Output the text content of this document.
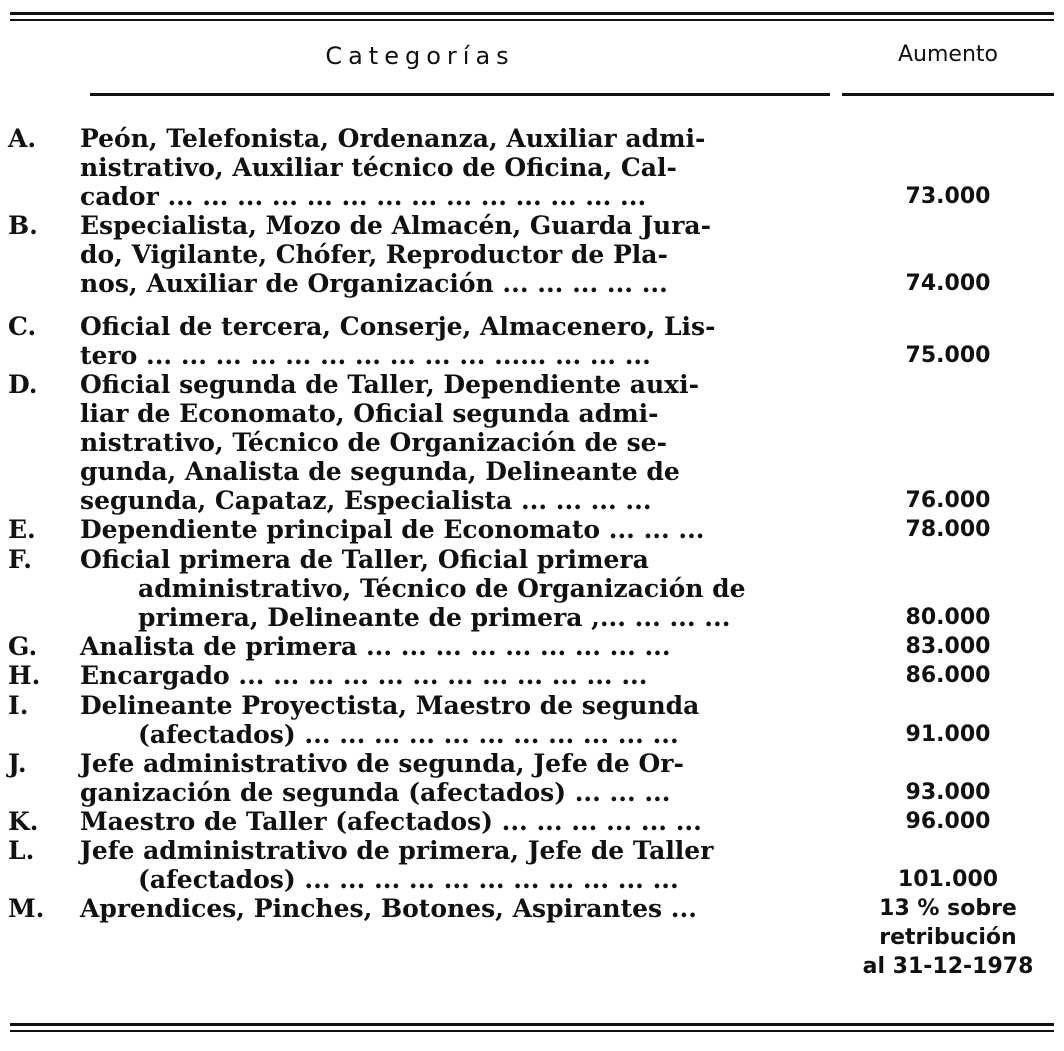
Categorías	Aumento
A.	Peón, Telefonista, Ordenanza, Auxiliar admi-
nistrativo, Auxiliar técnico de Oficina, Cal-
cador ... ... ... ... ... ... ... ... ... ... ... ... ... ...	73.000
B.	Especialista, Mozo de Almacén, Guarda Jura-
do, Vigilante, Chófer, Reproductor de Pla-
nos, Auxiliar de Organización ... ... ... ... ...	74.000
C.	Oficial de tercera, Conserje, Almacenero, Lis-
tero ... ... ... ... ... ... ... ... ... ... ...... ... ... ...	75.000
D.	Oficial segunda de Taller, Dependiente auxi-
liar de Economato, Oficial segunda admi-
nistrativo, Técnico de Organización de se-
gunda, Analista de segunda, Delineante de
segunda, Capataz, Especialista ... ... ... ...	76.000
E.	Dependiente principal de Economato ... ... ...	78.000
F.	Oficial primera de Taller, Oficial primera
administrativo, Técnico de Organización de
primera, Delineante de primera ,... ... ... ...	80.000
G.	Analista de primera ... ... ... ... ... ... ... ... ...	83.000
H.	Encargado ... ... ... ... ... ... ... ... ... ... ... ...	86.000
I.	Delineante Proyectista, Maestro de segunda
(afectados) ... ... ... ... ... ... ... ... ... ... ...	91.000
J.	Jefe administrativo de segunda, Jefe de Or-
ganización de segunda (afectados) ... ... ...	93.000
K.	Maestro de Taller (afectados) ... ... ... ... ... ...	96.000
L.	Jefe administrativo de primera, Jefe de Taller
(afectados) ... ... ... ... ... ... ... ... ... ... ...	101.000
M.	Aprendices, Pinches, Botones, Aspirantes ...	13 % sobre
retribución
al 31-12-1978
